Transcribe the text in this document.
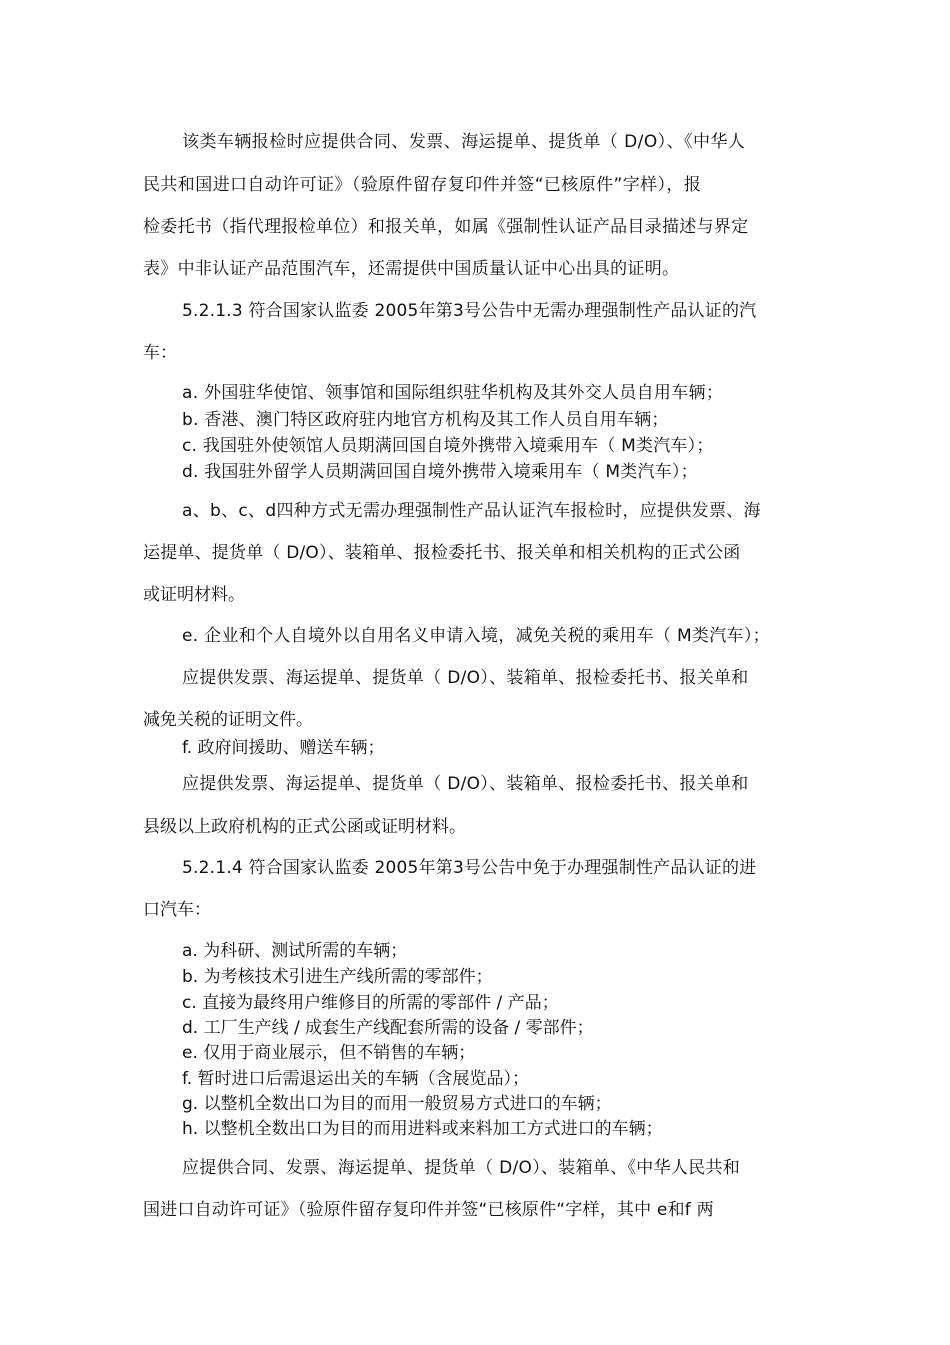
该类车辆报检时应提供合同、发票、海运提单、提货单（ D/O）、《中华人
民共和国进口自动许可证》（验原件留存复印件并签“已核原件”字样），报
检委托书（指代理报检单位）和报关单，如属《强制性认证产品目录描述与界定
表》中非认证产品范围汽车，还需提供中国质量认证中心出具的证明。
5.2.1.3 符合国家认监委 2005年第3号公告中无需办理强制性产品认证的汽
车：
a. 外国驻华使馆、领事馆和国际组织驻华机构及其外交人员自用车辆；
b. 香港、澳门特区政府驻内地官方机构及其工作人员自用车辆；
c. 我国驻外使领馆人员期满回国自境外携带入境乘用车（ M类汽车）；
d. 我国驻外留学人员期满回国自境外携带入境乘用车（ M类汽车）；
a、b、c、d四种方式无需办理强制性产品认证汽车报检时，应提供发票、海
运提单、提货单（ D/O）、装箱单、报检委托书、报关单和相关机构的正式公函
或证明材料。
e. 企业和个人自境外以自用名义申请入境，减免关税的乘用车（ M类汽车）；
应提供发票、海运提单、提货单（ D/O）、装箱单、报检委托书、报关单和
减免关税的证明文件。
f. 政府间援助、赠送车辆；
应提供发票、海运提单、提货单（ D/O）、装箱单、报检委托书、报关单和
县级以上政府机构的正式公函或证明材料。
5.2.1.4 符合国家认监委 2005年第3号公告中免于办理强制性产品认证的进
口汽车：
a. 为科研、测试所需的车辆；
b. 为考核技术引进生产线所需的零部件；
c. 直接为最终用户维修目的所需的零部件 / 产品；
d. 工厂生产线 / 成套生产线配套所需的设备 / 零部件；
e. 仅用于商业展示，但不销售的车辆；
f. 暂时进口后需退运出关的车辆（含展览品）；
g. 以整机全数出口为目的而用一般贸易方式进口的车辆；
h. 以整机全数出口为目的而用进料或来料加工方式进口的车辆；
应提供合同、发票、海运提单、提货单（ D/O）、装箱单、《中华人民共和
国进口自动许可证》（验原件留存复印件并签“已核原件“字样，其中 e和f 两
